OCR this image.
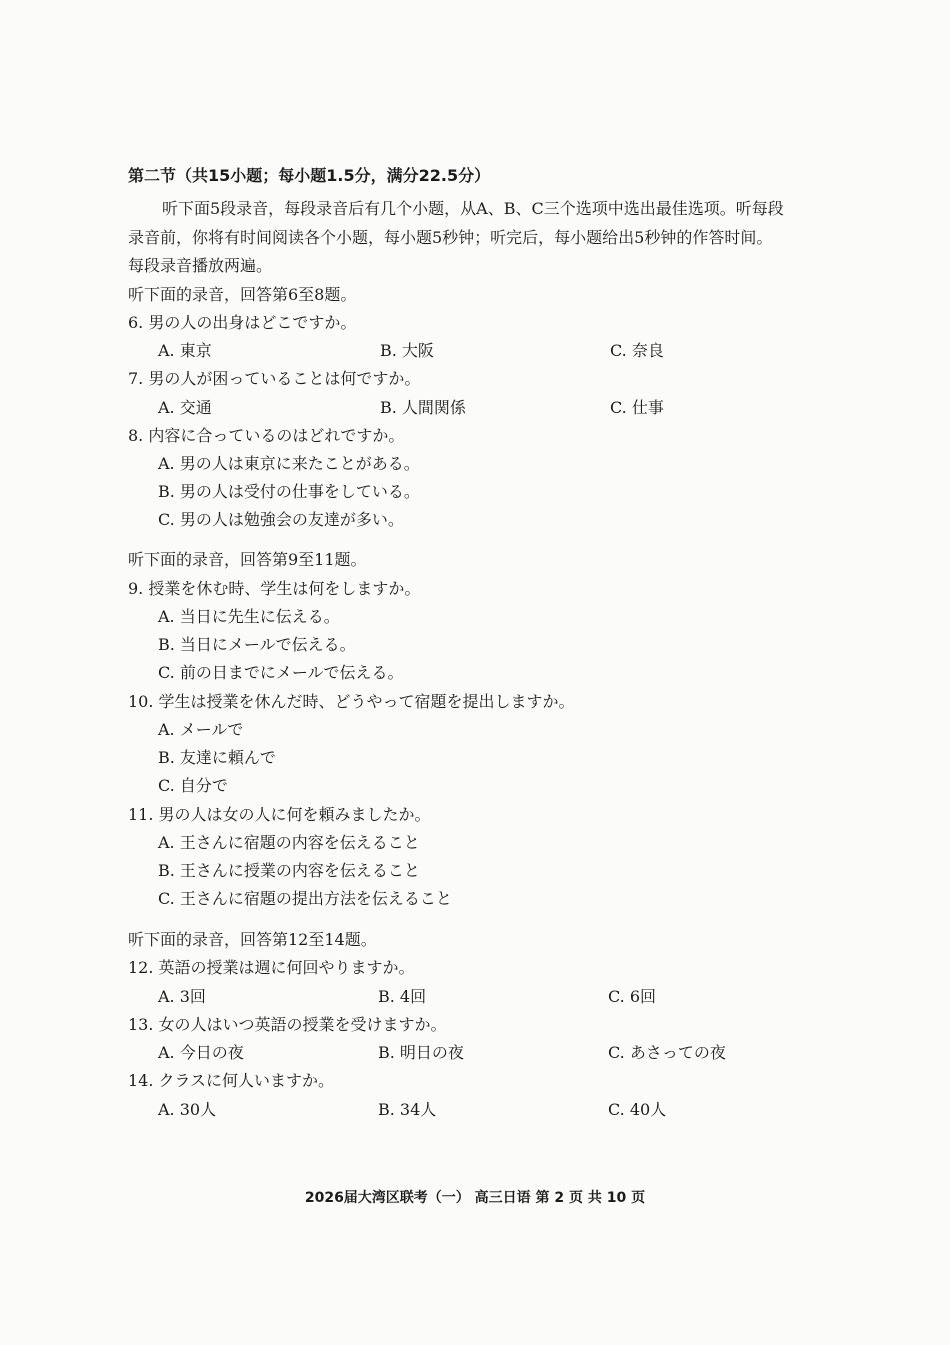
第二节（共15小题；每小题1.5分，满分22.5分）
听下面5段录音，每段录音后有几个小题，从A、B、C三个选项中选出最佳选项。听每段
录音前，你将有时间阅读各个小题，每小题5秒钟；听完后，每小题给出5秒钟的作答时间。
每段录音播放两遍。
听下面的录音，回答第6至8题。
6. 男の人の出身はどこですか。
A. 東京	B. 大阪	C. 奈良
7. 男の人が困っていることは何ですか。
A. 交通	B. 人間関係	C. 仕事
8. 内容に合っているのはどれですか。
A. 男の人は東京に来たことがある。
B. 男の人は受付の仕事をしている。
C. 男の人は勉強会の友達が多い。
听下面的录音，回答第9至11题。
9. 授業を休む時、学生は何をしますか。
A. 当日に先生に伝える。
B. 当日にメールで伝える。
C. 前の日までにメールで伝える。
10. 学生は授業を休んだ時、どうやって宿題を提出しますか。
A. メールで
B. 友達に頼んで
C. 自分で
11. 男の人は女の人に何を頼みましたか。
A. 王さんに宿題の内容を伝えること
B. 王さんに授業の内容を伝えること
C. 王さんに宿題の提出方法を伝えること
听下面的录音，回答第12至14题。
12. 英語の授業は週に何回やりますか。
A. 3回	B. 4回	C. 6回
13. 女の人はいつ英語の授業を受けますか。
A. 今日の夜	B. 明日の夜	C. あさっての夜
14. クラスに何人いますか。
A. 30人	B. 34人	C. 40人
2026届大湾区联考（一） 高三日语 第 2 页 共 10 页
